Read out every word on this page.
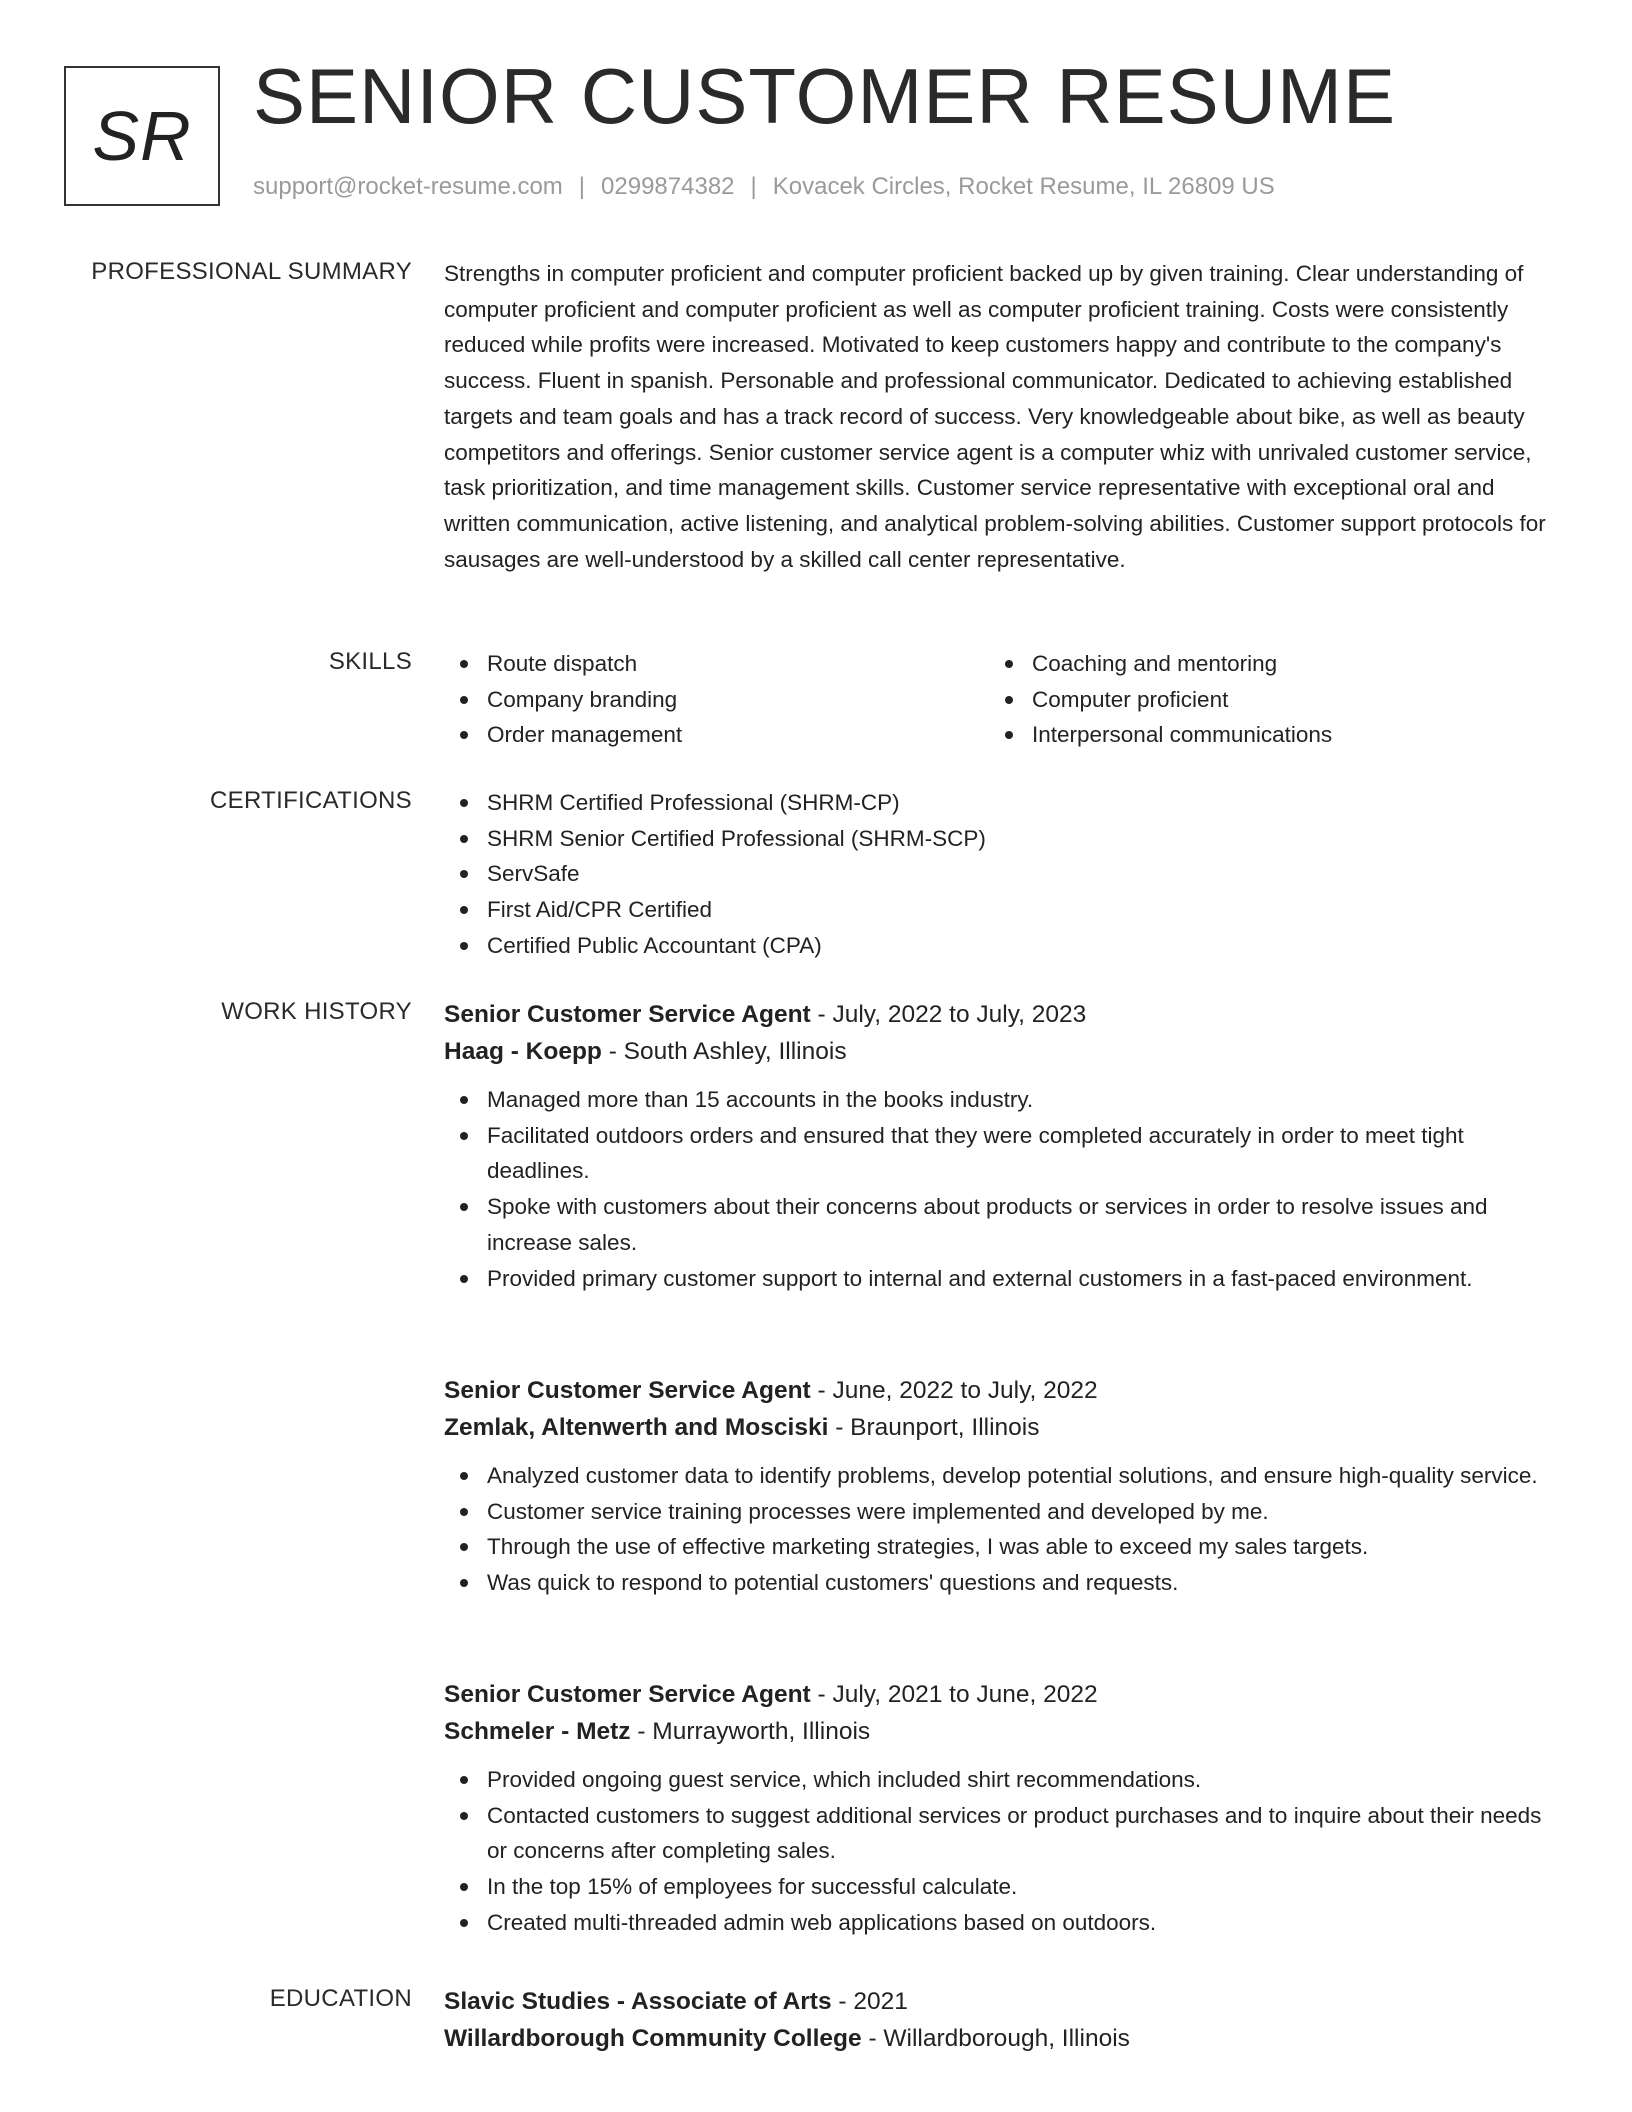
SR SENIOR CUSTOMER RESUME
support@rocket-resume.com | 0299874382 | Kovacek Circles, Rocket Resume, IL 26809 US
PROFESSIONAL SUMMARY Strengths in computer proficient and computer proficient backed up by given training. Clear understanding of computer proficient and computer proficient as well as computer proficient training. Costs were consistently reduced while profits were increased. Motivated to keep customers happy and contribute to the company's success. Fluent in spanish. Personable and professional communicator. Dedicated to achieving established targets and team goals and has a track record of success. Very knowledgeable about bike, as well as beauty competitors and offerings. Senior customer service agent is a computer whiz with unrivaled customer service, task prioritization, and time management skills. Customer service representative with exceptional oral and written communication, active listening, and analytical problem-solving abilities. Customer support protocols for sausages are well-understood by a skilled call center representative.

SKILLS	Route dispatch
Company branding
Order management
Coaching and mentoring
Computer proficient
Interpersonal communications
CERTIFICATIONS	SHRM Certified Professional (SHRM-CP)
SHRM Senior Certified Professional (SHRM-SCP)
ServSafe
First Aid/CPR Certified
Certified Public Accountant (CPA)
WORK HISTORY Senior Customer Service Agent - July, 2022 to July, 2023
Haag - Koepp - South Ashley, Illinois
Managed more than 15 accounts in the books industry.
Facilitated outdoors orders and ensured that they were completed accurately in order to meet tight deadlines.
Spoke with customers about their concerns about products or services in order to resolve issues and increase sales.
Provided primary customer support to internal and external customers in a fast-paced environment.
Senior Customer Service Agent - June, 2022 to July, 2022
Zemlak, Altenwerth and Mosciski - Braunport, Illinois
Analyzed customer data to identify problems, develop potential solutions, and ensure high-quality service.
Customer service training processes were implemented and developed by me.
Through the use of effective marketing strategies, I was able to exceed my sales targets.
Was quick to respond to potential customers' questions and requests.
Senior Customer Service Agent - July, 2021 to June, 2022
Schmeler - Metz - Murrayworth, Illinois
Provided ongoing guest service, which included shirt recommendations.
Contacted customers to suggest additional services or product purchases and to inquire about their needs or concerns after completing sales.
In the top 15% of employees for successful calculate.
Created multi-threaded admin web applications based on outdoors.
EDUCATION Slavic Studies - Associate of Arts - 2021
Willardborough Community College - Willardborough, Illinois
